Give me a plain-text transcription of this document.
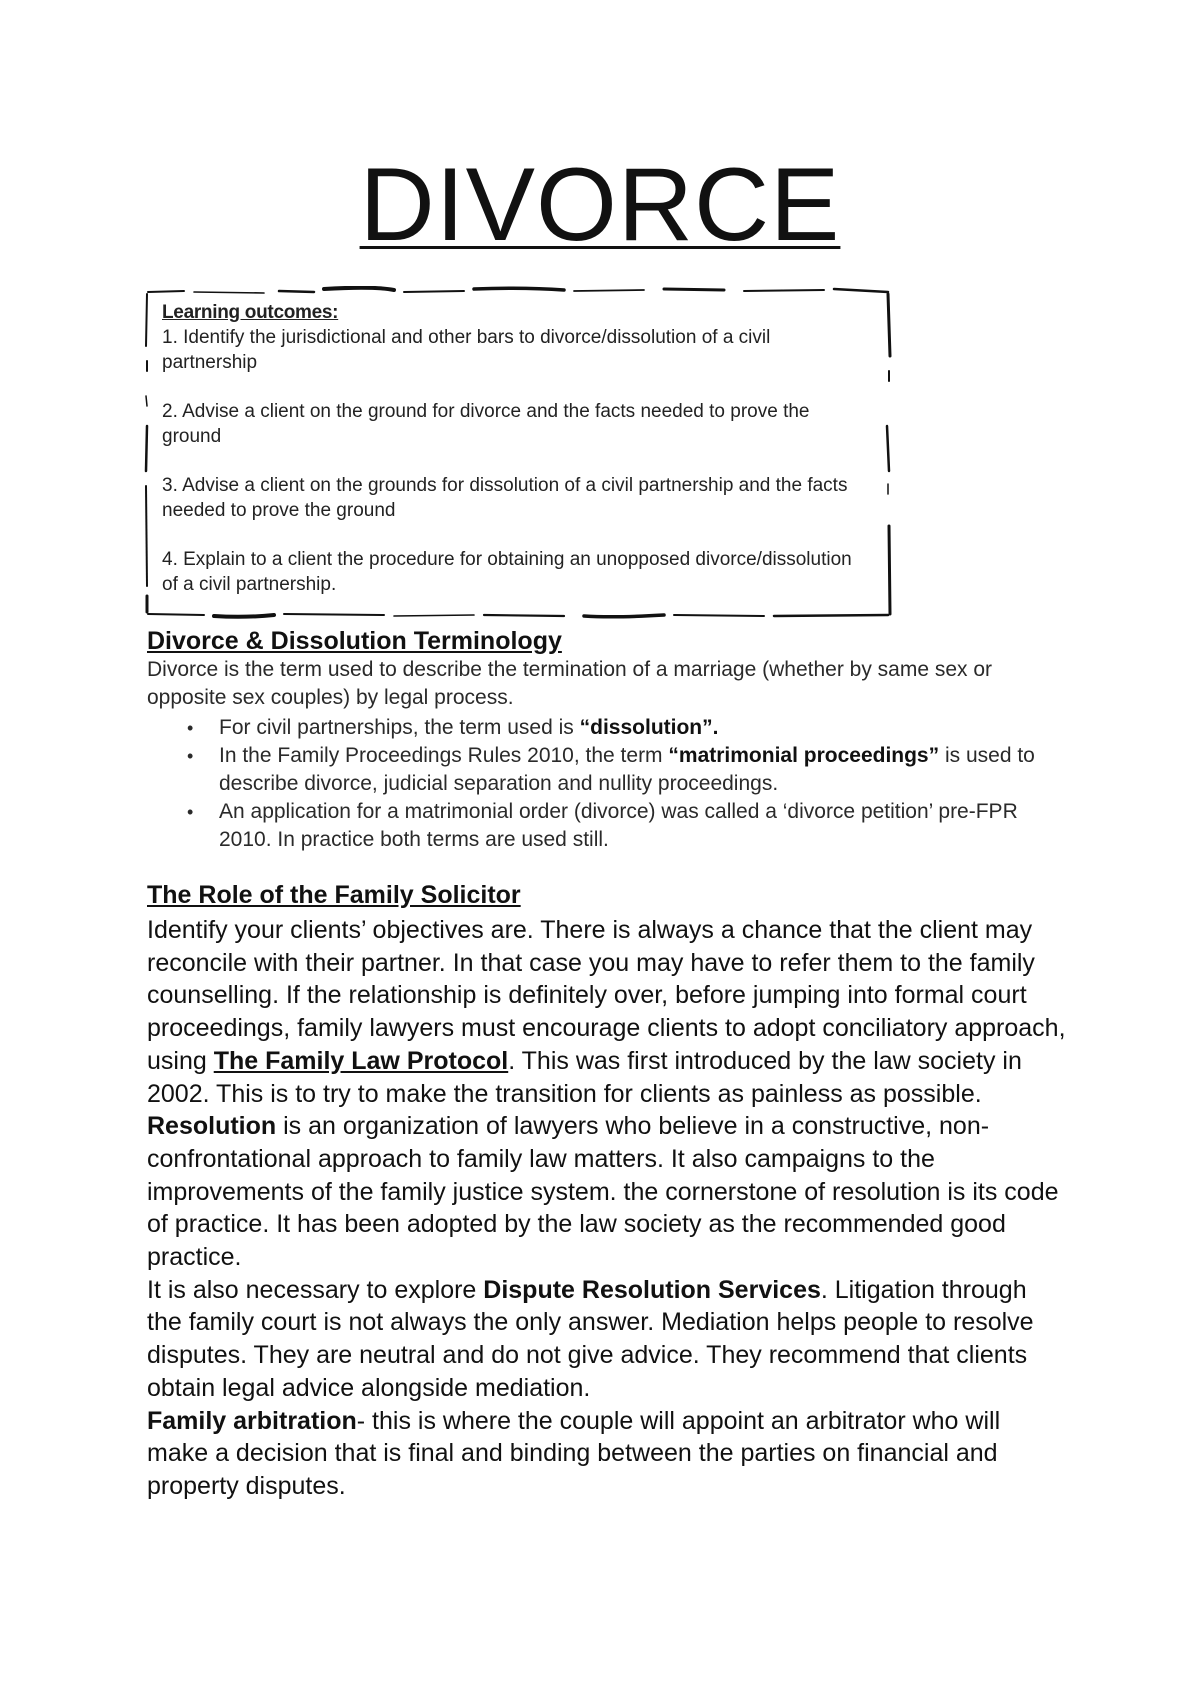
DIVORCE
Learning outcomes:
1. Identify the jurisdictional and other bars to divorce/dissolution of a civil partnership
2. Advise a client on the ground for divorce and the facts needed to prove the ground
3. Advise a client on the grounds for dissolution of a civil partnership and the facts needed to prove the ground
4. Explain to a client the procedure for obtaining an unopposed divorce/dissolution of a civil partnership.
Divorce & Dissolution Terminology

Divorce is the term used to describe the termination of a marriage (whether by same sex or opposite sex couples) by legal process.

• For civil partnerships, the term used is “dissolution”.
• In the Family Proceedings Rules 2010, the term “matrimonial proceedings” is used to describe divorce, judicial separation and nullity proceedings.
• An application for a matrimonial order (divorce) was called a ‘divorce petition’ pre-FPR 2010. In practice both terms are used still.
The Role of the Family Solicitor

Identify your clients’ objectives are. There is always a chance that the client may reconcile with their partner. In that case you may have to refer them to the family counselling. If the relationship is definitely over, before jumping into formal court proceedings, family lawyers must encourage clients to adopt conciliatory approach, using The Family Law Protocol. This was first introduced by the law society in 2002. This is to try to make the transition for clients as painless as possible.

Resolution is an organization of lawyers who believe in a constructive, non-confrontational approach to family law matters. It also campaigns to the improvements of the family justice system. the cornerstone of resolution is its code of practice. It has been adopted by the law society as the recommended good practice.

It is also necessary to explore Dispute Resolution Services. Litigation through the family court is not always the only answer. Mediation helps people to resolve disputes. They are neutral and do not give advice. They recommend that clients obtain legal advice alongside mediation.

Family arbitration- this is where the couple will appoint an arbitrator who will make a decision that is final and binding between the parties on financial and property disputes.
